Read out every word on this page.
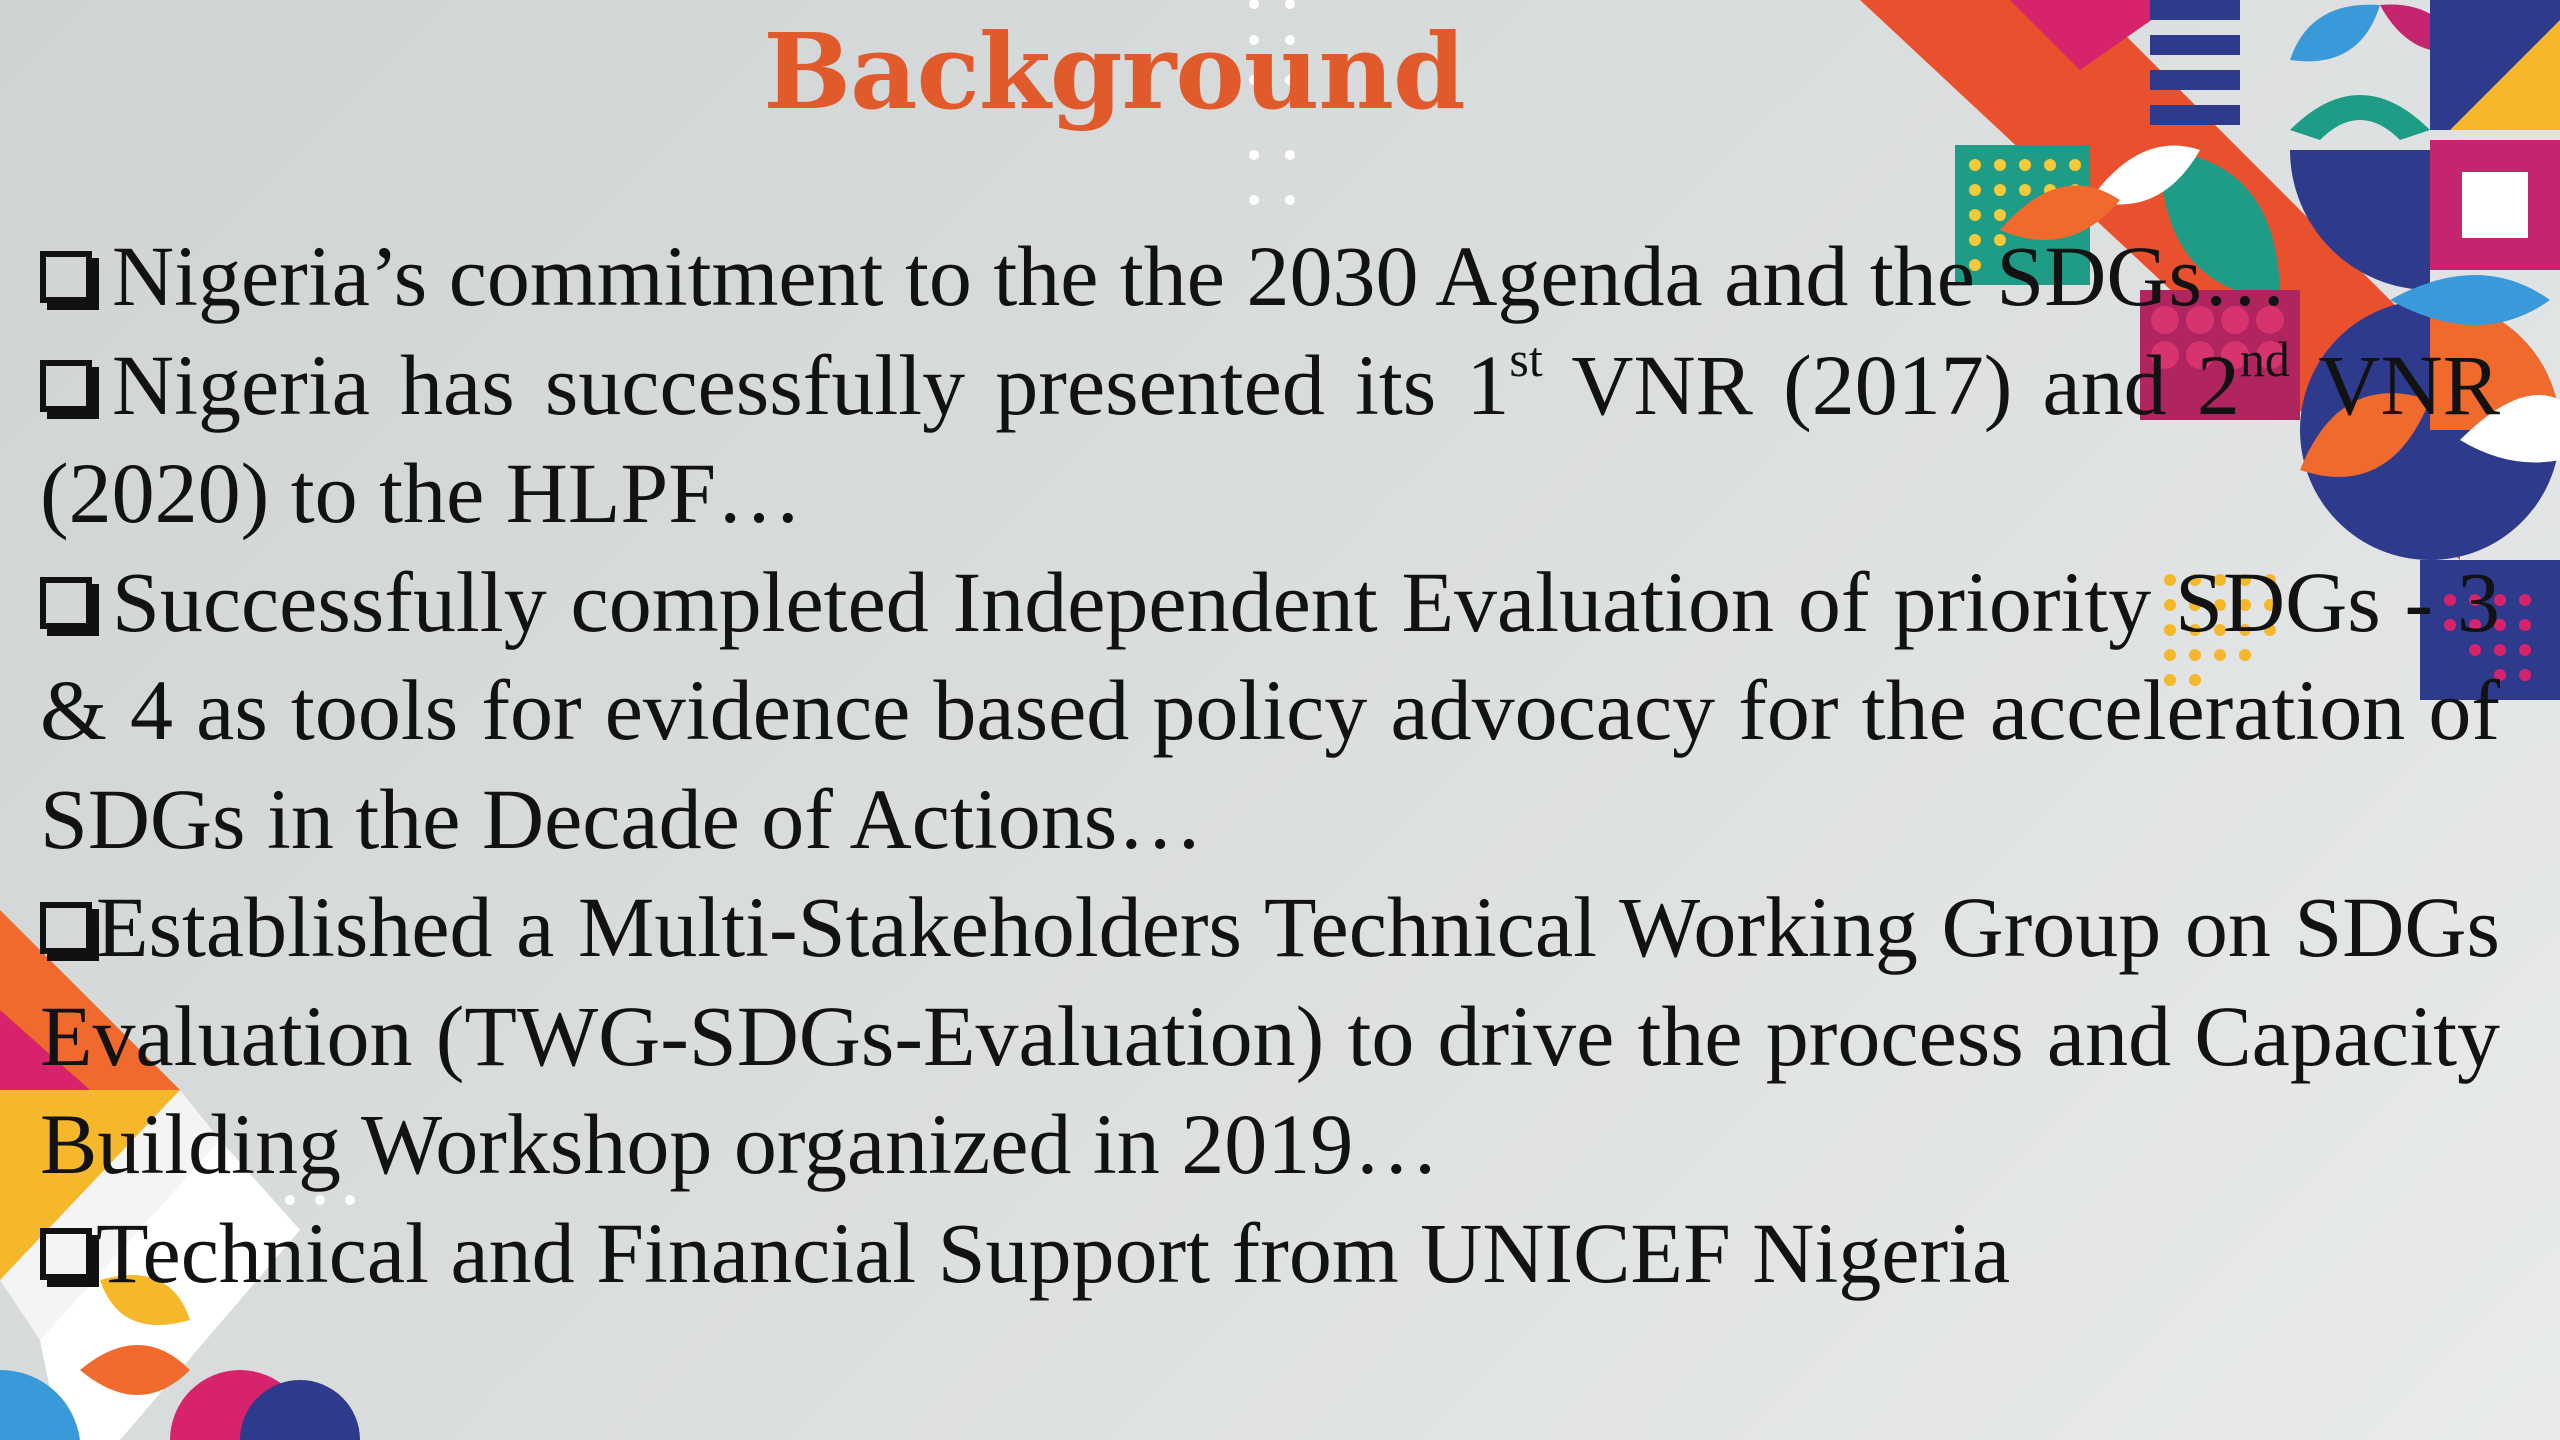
Background

Nigeria’s commitment to the the 2030 Agenda and the SDGs…

Nigeria has successfully presented its 1st VNR (2017) and 2nd VNR (2020) to the HLPF…

Successfully completed Independent Evaluation of priority SDGs - 3 & 4 as tools for evidence based policy advocacy for the acceleration of SDGs in the Decade of Actions…

Established a Multi-Stakeholders Technical Working Group on SDGs Evaluation (TWG-SDGs-Evaluation) to drive the process and Capacity Building Workshop organized in 2019…

Technical and Financial Support from UNICEF Nigeria
